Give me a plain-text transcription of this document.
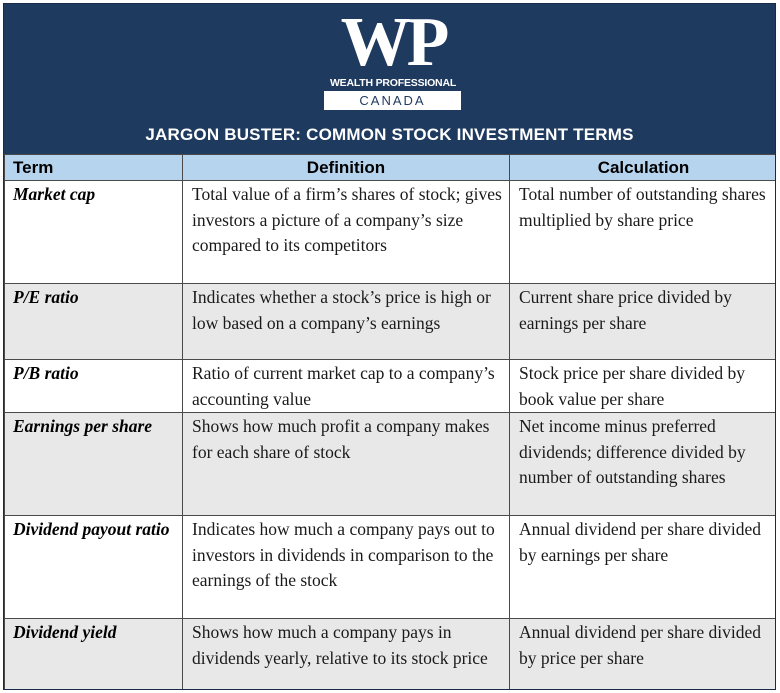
WP
WEALTH PROFESSIONAL
CANADA
JARGON BUSTER: COMMON STOCK INVESTMENT TERMS
Term	Definition	Calculation
Market cap	Total value of a firm’s shares of stock; gives investors a picture of a company’s size compared to its competitors	Total number of outstanding shares multiplied by share price
P/E ratio	Indicates whether a stock’s price is high or low based on a company’s earnings	Current share price divided by earnings per share
P/B ratio	Ratio of current market cap to a company’s accounting value	Stock price per share divided by book value per share
Earnings per share	Shows how much profit a company makes for each share of stock	Net income minus preferred dividends; difference divided by number of outstanding shares
Dividend payout ratio	Indicates how much a company pays out to investors in dividends in comparison to the earnings of the stock	Annual dividend per share divided by earnings per share
Dividend yield	Shows how much a company pays in dividends yearly, relative to its stock price	Annual dividend per share divided by price per share
